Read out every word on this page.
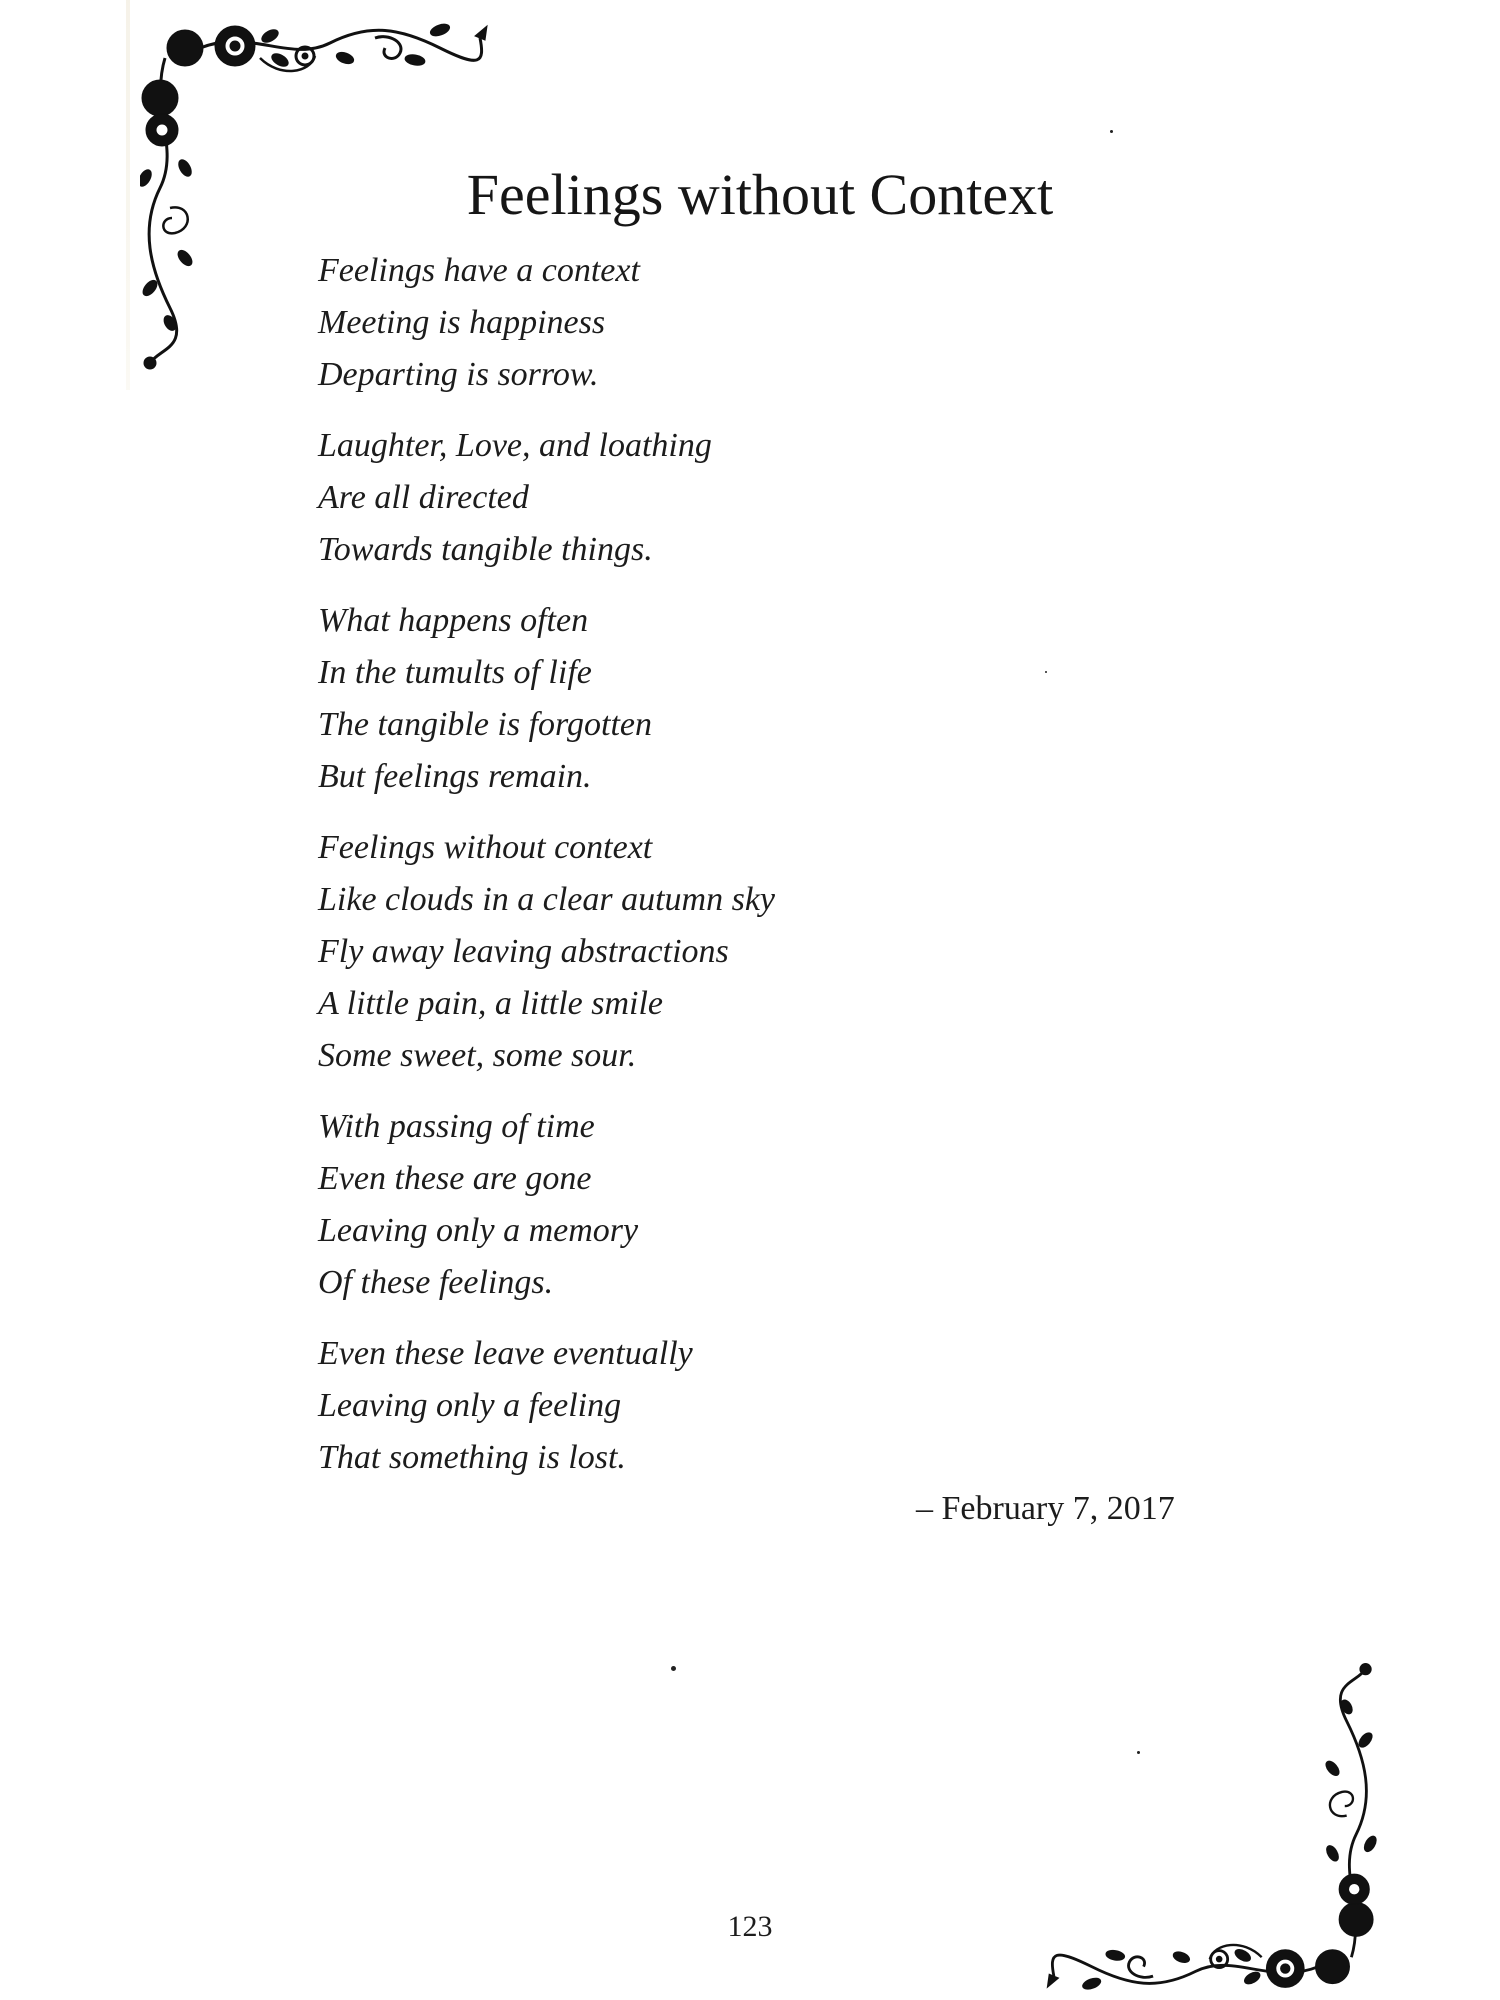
Feelings without Context
Feelings have a context
Meeting is happiness
Departing is sorrow.
Laughter, Love, and loathing
Are all directed
Towards tangible things.
What happens often
In the tumults of life
The tangible is forgotten
But feelings remain.
Feelings without context
Like clouds in a clear autumn sky
Fly away leaving abstractions
A little pain, a little smile
Some sweet, some sour.
With passing of time
Even these are gone
Leaving only a memory
Of these feelings.
Even these leave eventually
Leaving only a feeling
That something is lost.
– February 7, 2017
123
